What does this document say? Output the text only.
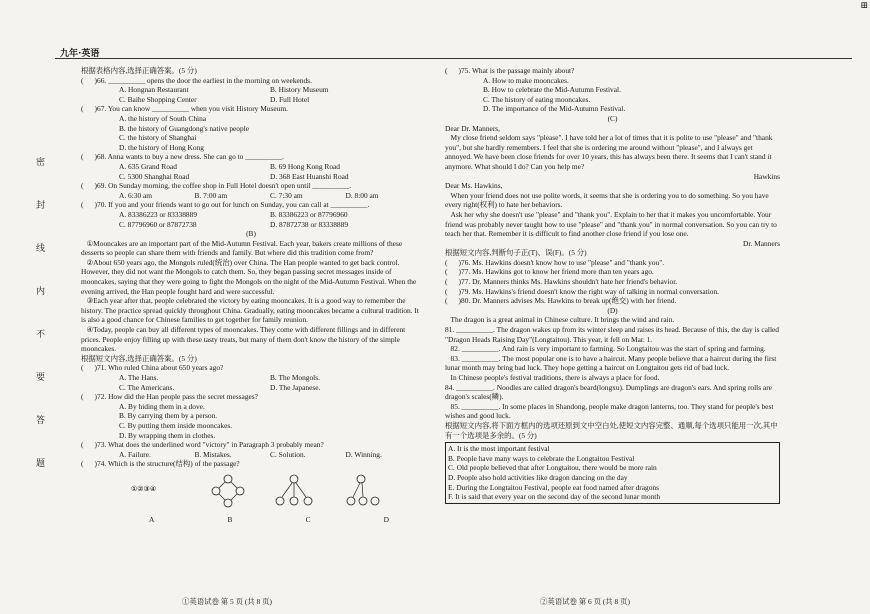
⊞
九年·英语
密
封
线
内
不
要
答
题

根据表格内容,选择正确答案。(5 分)

(      )66. __________ opens the door the earliest in the morning on weekends.

A. Hongnan Restaurant	B. History Museum
C. Baihe Shopping Center	D. Full Hotel

(      )67. You can know __________ when you visit History Museum.

A. the history of South China

B. the history of Guangdong's native people

C. the history of Shanghai

D. the history of Hong Kong

(      )68. Anna wants to buy a new dress. She can go to __________.

A. 635 Grand Road	B. 69 Hong Kong Road
C. 5300 Shanghai Road	D. 368 East Huanshi Road

(      )69. On Sunday morning, the coffee shop in Full Hotel doesn't open until __________.

A. 6:30 am	B. 7:00 am	C. 7:30 am	D. 8:00 am

(      )70. If you and your friends want to go out for lunch on Sunday, you can call at __________.

A. 83386223 or 83338889	B. 83386223 or 87796960
C. 87796960 or 87872738	D. 87872738 or 83338889

(B)

①Mooncakes are an important part of the Mid-Autumn Festival. Each year, bakers create millions of these desserts so people can share them with friends and family. But where did this tradition come from?

②About 650 years ago, the Mongols ruled(统治) over China. The Han people wanted to get back control. However, they did not want the Mongols to catch them. So, they began passing secret messages inside of mooncakes, saying that they were going to fight the Mongols on the night of the Mid-Autumn Festival. When the evening arrived, the Han people fought hard and were successful.

③Each year after that, people celebrated the victory by eating mooncakes. It is a good way to remember the history. The practice spread quickly throughout China. Gradually, eating mooncakes became a cultural tradition. It is also a good chance for Chinese families to get together for family reunion.

④Today, people can buy all different types of mooncakes. They come with different fillings and in different prices. People enjoy filling up with these tasty treats, but many of them don't know the history of the simple mooncakes.

根据短文内容,选择正确答案。(5 分)

(      )71. Who ruled China about 650 years ago?

A. The Hans.	B. The Mongols.
C. The Americans.	D. The Japanese.

(      )72. How did the Han people pass the secret messages?

A. By hiding them in a dove.

B. By carrying them by a person.

C. By putting them inside mooncakes.

D. By wrapping them in clothes.

(      )73. What does the underlined word "victory" in Paragraph 3 probably mean?

A. Failure.	B. Mistakes.	C. Solution.	D. Winning.

(      )74. Which is the structure(结构) of the passage?

①②③④
A	B	C	D

(      )75. What is the passage mainly about?

A. How to make mooncakes.

B. How to celebrate the Mid-Autumn Festival.

C. The history of eating mooncakes.

D. The importance of the Mid-Autumn Festival.

(C)

Dear Dr. Manners,

My close friend seldom says "please". I have told her a lot of times that it is polite to use "please" and "thank you", but she hardly remembers. I feel that she is ordering me around without "please", and I always get annoyed. We have been close friends for over 10 years, this has always been there. It seems that I can't stand it anymore. What should I do? Can you help me?

Hawkins

Dear Ms. Hawkins,

When your friend does not use polite words, it seems that she is ordering you to do something. So you have every right(权利) to hate her behaviors.

Ask her why she doesn't use "please" and "thank you". Explain to her that it makes you uncomfortable. Your friend was probably never taught how to use "please" and "thank you" in normal conversation. So you can try to teach her that. Remember it is difficult to find another close friend if you lose one.

Dr. Manners

根据短文内容,判断句子正(T)、误(F)。(5 分)

(      )76. Ms. Hawkins doesn't know how to use "please" and "thank you".

(      )77. Ms. Hawkins got to know her friend more than ten years ago.

(      )77. Dr. Manners thinks Ms. Hawkins shouldn't hate her friend's behavior.

(      )79. Ms. Hawkins's friend doesn't know the right way of talking in normal conversation.

(      )80. Dr. Manners advises Ms. Hawkins to break up(绝交) with her friend.

(D)

The dragon is a great animal in Chinese culture. It brings the wind and rain.

81. __________. The dragon wakes up from its winter sleep and raises its head. Because of this, the day is called "Dragon Heads Raising Day"(Longtaitou). This year, it fell on Mar. 1.

82. __________. And rain is very important to farming. So Longtaitou was the start of spring and farming.

83. __________. The most popular one is to have a haircut. Many people believe that a haircut during the first lunar month may bring bad luck. They hope getting a haircut on Longtaitou gets rid of bad luck.

In Chinese people's festival traditions, there is always a place for food.

84. __________. Noodles are called dragon's beard(longxu). Dumplings are dragon's ears. And spring rolls are dragon's scales(鳞).

85. __________. In some places in Shandong, people make dragon lanterns, too. They stand for people's best wishes and good luck.

根据短文内容,将下面方框内的选项还原到文中空白处,使短文内容完整、通顺,每个选项只能用一次,其中有一个选项是多余的。(5 分)

A. It is the most important festival

B. People have many ways to celebrate the Longtaitou Festival

C. Old people believed that after Longtaitou, there would be more rain

D. People also hold activities like dragon dancing on the day

E. During the Longtaitou Festival, people eat food named after dragons

F. It is said that every year on the second day of the second lunar month

①英语试卷 第 5 页 (共 8 页)	②英语试卷 第 6 页 (共 8 页)
